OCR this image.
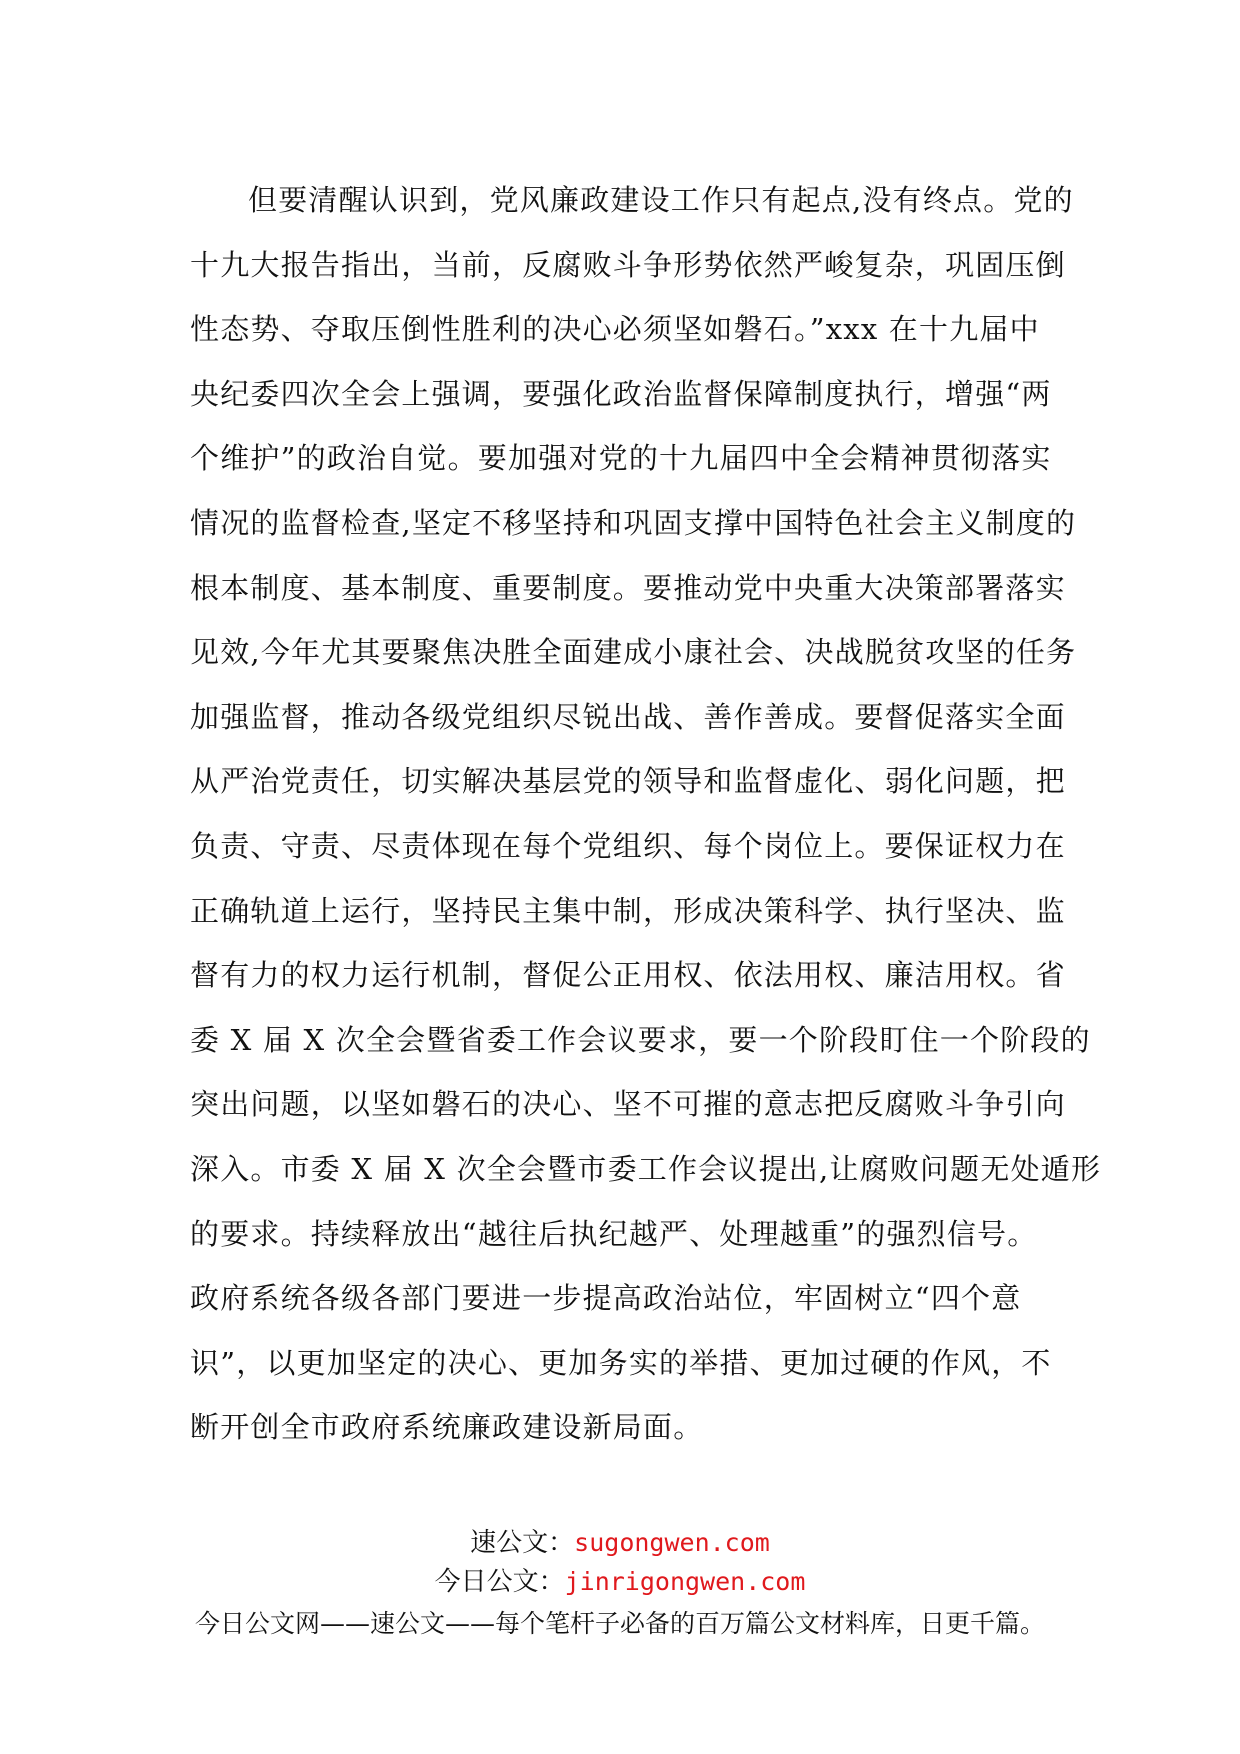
但要清醒认识到，党风廉政建设工作只有起点,没有终点。党的
十九大报告指出，当前，反腐败斗争形势依然严峻复杂，巩固压倒
性态势、夺取压倒性胜利的决心必须坚如磐石。”xxx 在十九届中
央纪委四次全会上强调，要强化政治监督保障制度执行，增强“两
个维护”的政治自觉。要加强对党的十九届四中全会精神贯彻落实
情况的监督检查,坚定不移坚持和巩固支撑中国特色社会主义制度的
根本制度、基本制度、重要制度。要推动党中央重大决策部署落实
见效,今年尤其要聚焦决胜全面建成小康社会、决战脱贫攻坚的任务
加强监督，推动各级党组织尽锐出战、善作善成。要督促落实全面
从严治党责任，切实解决基层党的领导和监督虚化、弱化问题，把
负责、守责、尽责体现在每个党组织、每个岗位上。要保证权力在
正确轨道上运行，坚持民主集中制，形成决策科学、执行坚决、监
督有力的权力运行机制，督促公正用权、依法用权、廉洁用权。省
委 X 届 X 次全会暨省委工作会议要求，要一个阶段盯住一个阶段的
突出问题，以坚如磐石的决心、坚不可摧的意志把反腐败斗争引向
深入。市委 X 届 X 次全会暨市委工作会议提出,让腐败问题无处遁形
的要求。持续释放出“越往后执纪越严、处理越重”的强烈信号。
政府系统各级各部门要进一步提高政治站位，牢固树立“四个意
识”，以更加坚定的决心、更加务实的举措、更加过硬的作风，不
断开创全市政府系统廉政建设新局面。
速公文：sugongwen.com
今日公文：jinrigongwen.com
今日公文网——速公文——每个笔杆子必备的百万篇公文材料库，日更千篇。
